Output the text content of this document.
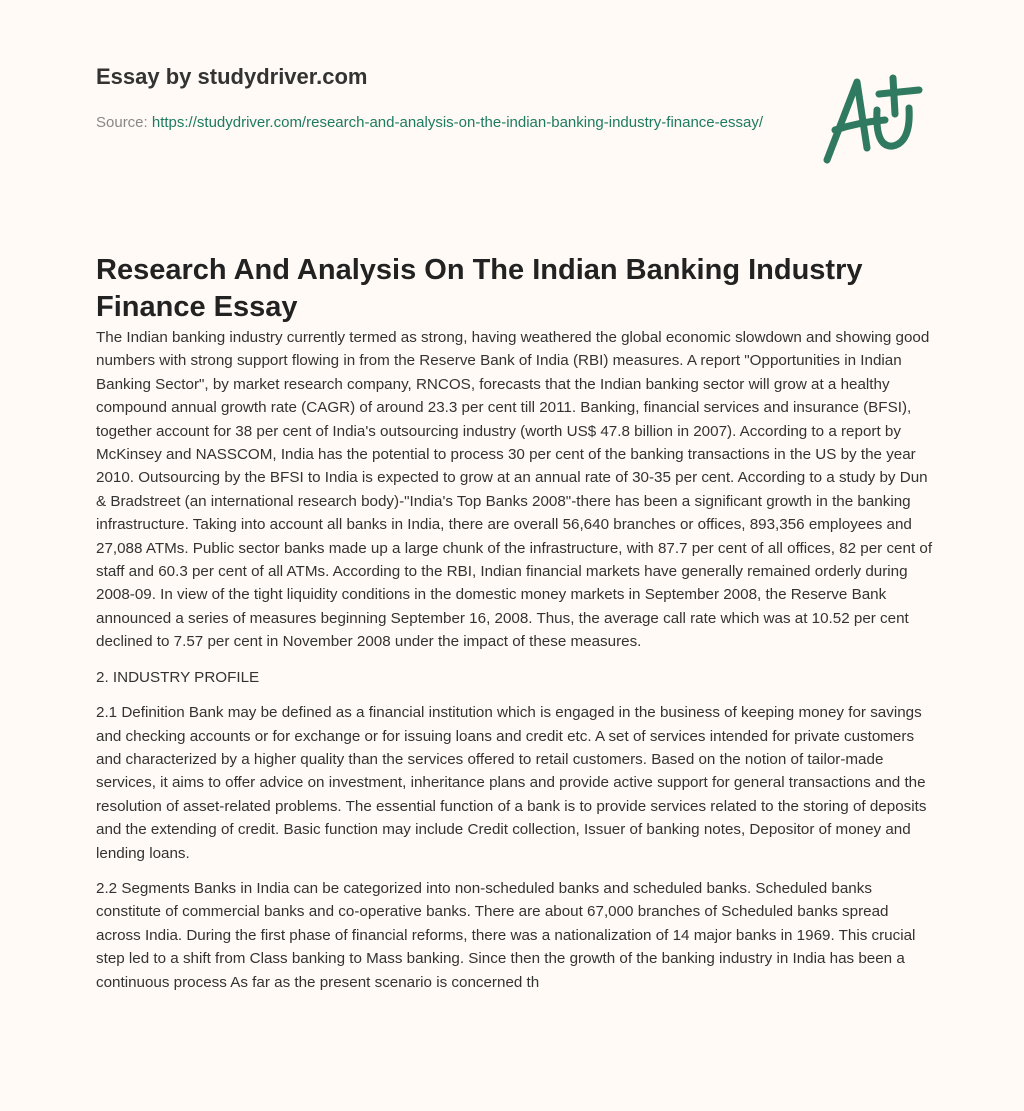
Essay by studydriver.com
Source: https://studydriver.com/research-and-analysis-on-the-indian-banking-industry-finance-essay/
Research And Analysis On The Indian Banking Industry Finance Essay

The Indian banking industry currently termed as strong, having weathered the global economic slowdown and showing good numbers with strong support flowing in from the Reserve Bank of India (RBI) measures. A report "Opportunities in Indian Banking Sector", by market research company, RNCOS, forecasts that the Indian banking sector will grow at a healthy compound annual growth rate (CAGR) of around 23.3 per cent till 2011. Banking, financial services and insurance (BFSI), together account for 38 per cent of India's outsourcing industry (worth US$ 47.8 billion in 2007). According to a report by McKinsey and NASSCOM, India has the potential to process 30 per cent of the banking transactions in the US by the year 2010. Outsourcing by the BFSI to India is expected to grow at an annual rate of 30-35 per cent. According to a study by Dun & Bradstreet (an international research body)-"India's Top Banks 2008"-there has been a significant growth in the banking infrastructure. Taking into account all banks in India, there are overall 56,640 branches or offices, 893,356 employees and 27,088 ATMs. Public sector banks made up a large chunk of the infrastructure, with 87.7 per cent of all offices, 82 per cent of staff and 60.3 per cent of all ATMs. According to the RBI, Indian financial markets have generally remained orderly during 2008-09. In view of the tight liquidity conditions in the domestic money markets in September 2008, the Reserve Bank announced a series of measures beginning September 16, 2008. Thus, the average call rate which was at 10.52 per cent declined to 7.57 per cent in November 2008 under the impact of these measures.

2. INDUSTRY PROFILE

2.1 Definition Bank may be defined as a financial institution which is engaged in the business of keeping money for savings and checking accounts or for exchange or for issuing loans and credit etc. A set of services intended for private customers and characterized by a higher quality than the services offered to retail customers. Based on the notion of tailor-made services, it aims to offer advice on investment, inheritance plans and provide active support for general transactions and the resolution of asset-related problems. The essential function of a bank is to provide services related to the storing of deposits and the extending of credit. Basic function may include Credit collection, Issuer of banking notes, Depositor of money and lending loans.

2.2 Segments Banks in India can be categorized into non-scheduled banks and scheduled banks. Scheduled banks constitute of commercial banks and co-operative banks. There are about 67,000 branches of Scheduled banks spread across India. During the first phase of financial reforms, there was a nationalization of 14 major banks in 1969. This crucial step led to a shift from Class banking to Mass banking. Since then the growth of the banking industry in India has been a continuous process As far as the present scenario is concerned th
